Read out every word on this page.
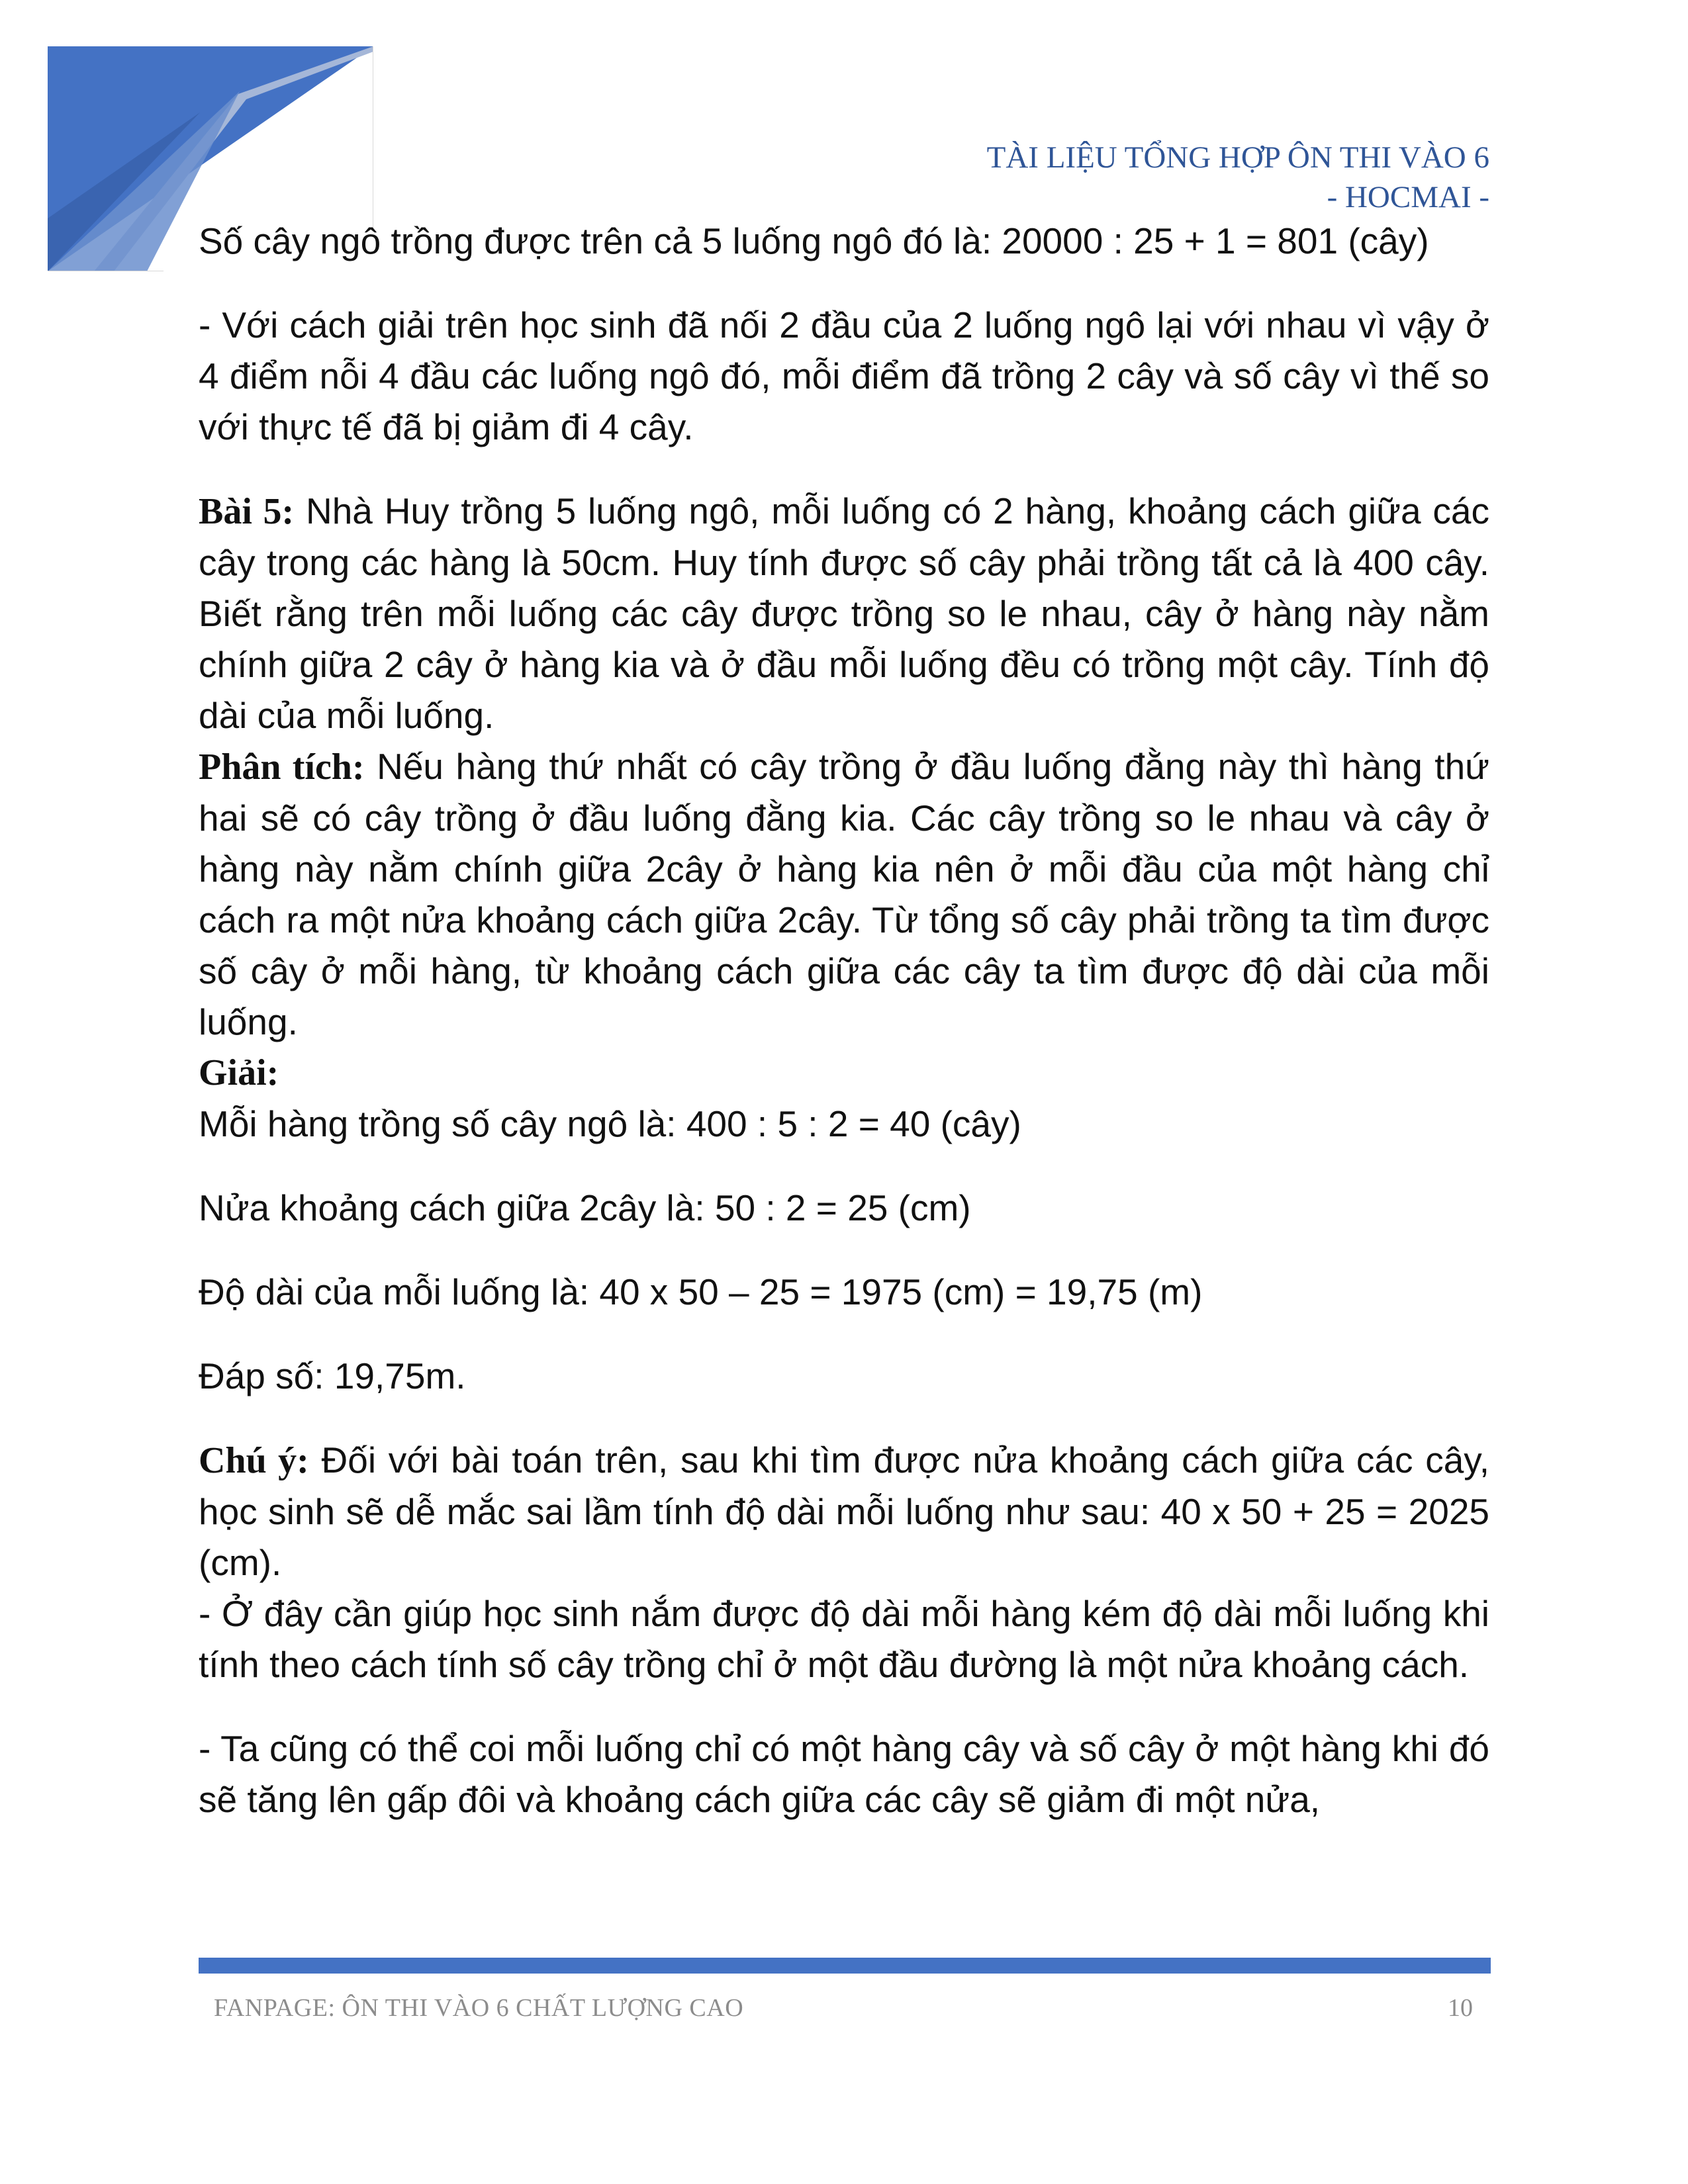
TÀI LIỆU TỔNG HỢP ÔN THI VÀO 6
- HOCMAI -

Số cây ngô trồng được trên cả 5 luống ngô đó là: 20000 : 25 + 1 = 801 (cây)

- Với cách giải trên học sinh đã nối 2 đầu của 2 luống ngô lại với nhau vì vậy ở 4 điểm nỗi 4 đầu các luống ngô đó, mỗi điểm đã trồng 2 cây và số cây vì thế so với thực tế đã bị giảm đi 4 cây.

Bài 5: Nhà Huy trồng 5 luống ngô, mỗi luống có 2 hàng, khoảng cách giữa các cây trong các hàng là 50cm. Huy tính được số cây phải trồng tất cả là 400 cây. Biết rằng trên mỗi luống các cây được trồng so le nhau, cây ở hàng này nằm chính giữa 2 cây ở hàng kia và ở đầu mỗi luống đều có trồng một cây. Tính độ dài của mỗi luống.

Phân tích: Nếu hàng thứ nhất có cây trồng ở đầu luống đằng này thì hàng thứ hai sẽ có cây trồng ở đầu luống đằng kia. Các cây trồng so le nhau và cây ở hàng này nằm chính giữa 2cây ở hàng kia nên ở mỗi đầu của một hàng chỉ cách ra một nửa khoảng cách giữa 2cây. Từ tổng số cây phải trồng ta tìm được số cây ở mỗi hàng, từ khoảng cách giữa các cây ta tìm được độ dài của mỗi luống.

Giải:

Mỗi hàng trồng số cây ngô là: 400 : 5 : 2 = 40 (cây)

Nửa khoảng cách giữa 2cây là: 50 : 2 = 25 (cm)

Độ dài của mỗi luống là: 40 x 50 – 25 = 1975 (cm) = 19,75 (m)

Đáp số: 19,75m.

Chú ý: Đối với bài toán trên, sau khi tìm được nửa khoảng cách giữa các cây, học sinh sẽ dễ mắc sai lầm tính độ dài mỗi luống như sau: 40 x 50 + 25 = 2025 (cm).

- Ở đây cần giúp học sinh nắm được độ dài mỗi hàng kém độ dài mỗi luống khi tính theo cách tính số cây trồng chỉ ở một đầu đường là một nửa khoảng cách.

- Ta cũng có thể coi mỗi luống chỉ có một hàng cây và số cây ở một hàng khi đó sẽ tăng lên gấp đôi và khoảng cách giữa các cây sẽ giảm đi một nửa,

FANPAGE: ÔN THI VÀO 6 CHẤT LƯỢNG CAO	10
